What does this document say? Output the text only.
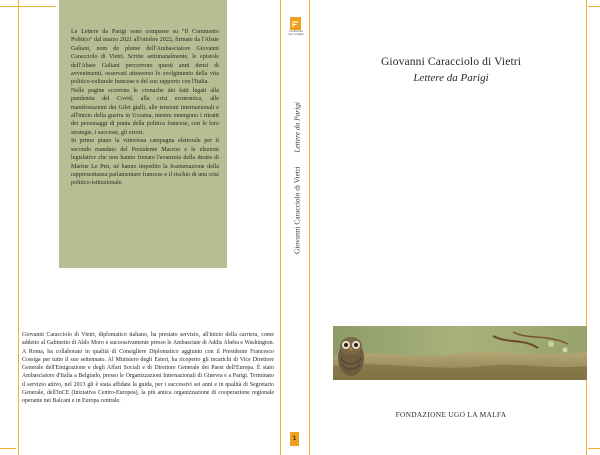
Le Lettere da Parigi sono comparse su "Il Commento Politico" dal marzo 2021 all'ottobre 2022, firmate da l'Abate Galiani, nom de plume dell'Ambasciatore Giovanni Caracciolo di Vietri. Scritte settimanalmente, le epistole dell'Abate Galiani percorrono questi anni densi di avvenimenti, osservati attraverso lo svolgimento della vita politico-culturale francese e del suo rapporto con l'Italia.

Nelle pagine scorrono le cronache dei fatti legati alla pandemia del Covid, alla crisi economica, alle manifestazioni dei Gilet gialli, alle tensioni internazionali e all'inizio della guerra in Ucraina, mentre emergono i ritratti dei personaggi di punta della politica francese, con le loro strategie, i successi, gli errori.

In primo piano la vittoriosa campagna elettorale per il secondo mandato del Presidente Macron e le elezioni legislative che non hanno frenato l'avanzata della destra di Marine Le Pen, né hanno impedito la frastumazione della rappresentanza parlamentare francese e il rischio di una crisi politico-istituzionale.

Giovanni Caracciolo di Vietri, diplomatico italiano, ha prestato servizio, all'inizio della carriera, come addetto al Gabinetto di Aldo Moro e successivamente presso le Ambasciate di Addis Abeba e Washington. A Roma, ha collaborato in qualità di Consigliere Diplomatico aggiunto con il Presidente Francesco Cossiga per tutto il suo settennato. Al Ministero degli Esteri, ha ricoperto gli incarichi di Vice Direttore Generale dell'Emigrazione e degli Affari Sociali e di Direttore Generale dei Paesi dell'Europa. È stato Ambasciatore d'Italia a Belgrado, presso le Organizzazioni Internazionali di Ginevra e a Parigi. Terminato il servizio attivo, nel 2013 gli è stata affidata la guida, per i successivi sei anni e in qualità di Segretario Generale, dell'InCE (Iniziativa Centro-Europea), la più antica organizzazione di cooperazione regionale operante nei Balcani e in Europa centrale.

Fondazione Ugo La Malfa
Giovanni Caracciolo di Vietri Lettere da Parigi
1
Giovanni Caracciolo di Vietri
Lettere da Parigi
FONDAZIONE UGO LA MALFA
